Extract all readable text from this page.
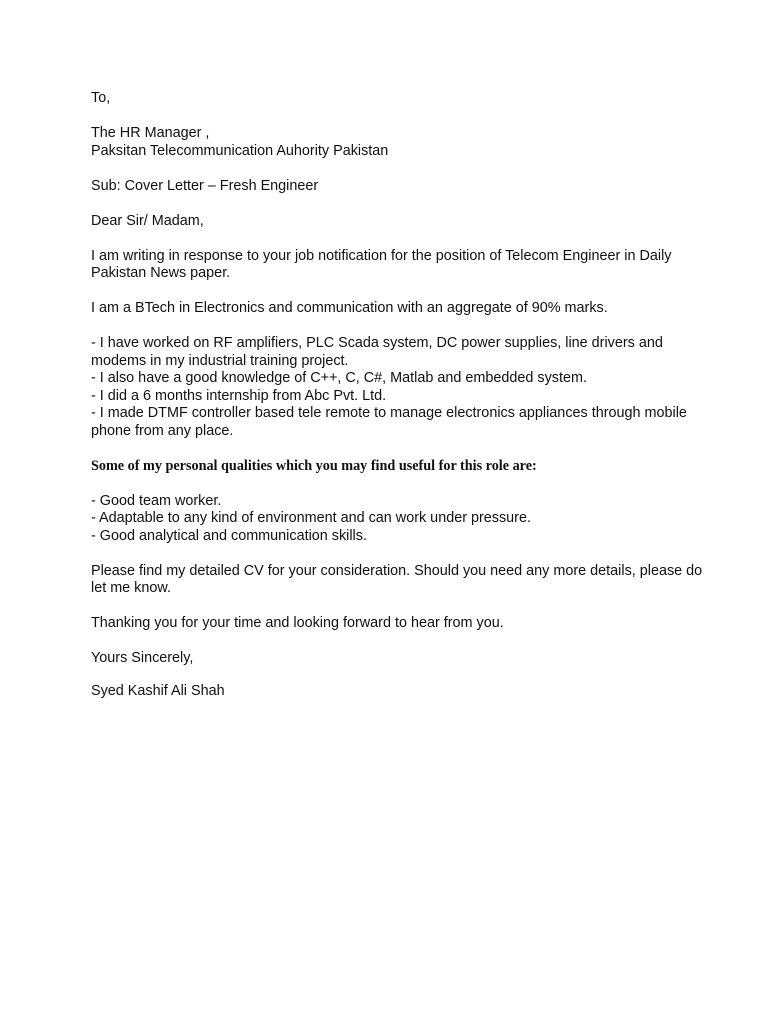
To,

The HR Manager ,

Paksitan Telecommunication Auhority Pakistan

Sub: Cover Letter – Fresh Engineer

Dear Sir/ Madam,

I am writing in response to your job notification for the position of Telecom Engineer in Daily

Pakistan News paper.

I am a BTech in Electronics and communication with an aggregate of 90% marks.

- I have worked on RF amplifiers, PLC Scada system, DC power supplies, line drivers and

modems in my industrial training project.

- I also have a good knowledge of C++, C, C#, Matlab and embedded system.

- I did a 6 months internship from Abc Pvt. Ltd.

- I made DTMF controller based tele remote to manage electronics appliances through mobile

phone from any place.

Some of my personal qualities which you may find useful for this role are:

- Good team worker.

- Adaptable to any kind of environment and can work under pressure.

- Good analytical and communication skills.

Please find my detailed CV for your consideration. Should you need any more details, please do

let me know.

Thanking you for your time and looking forward to hear from you.

Yours Sincerely,

Syed Kashif Ali Shah
